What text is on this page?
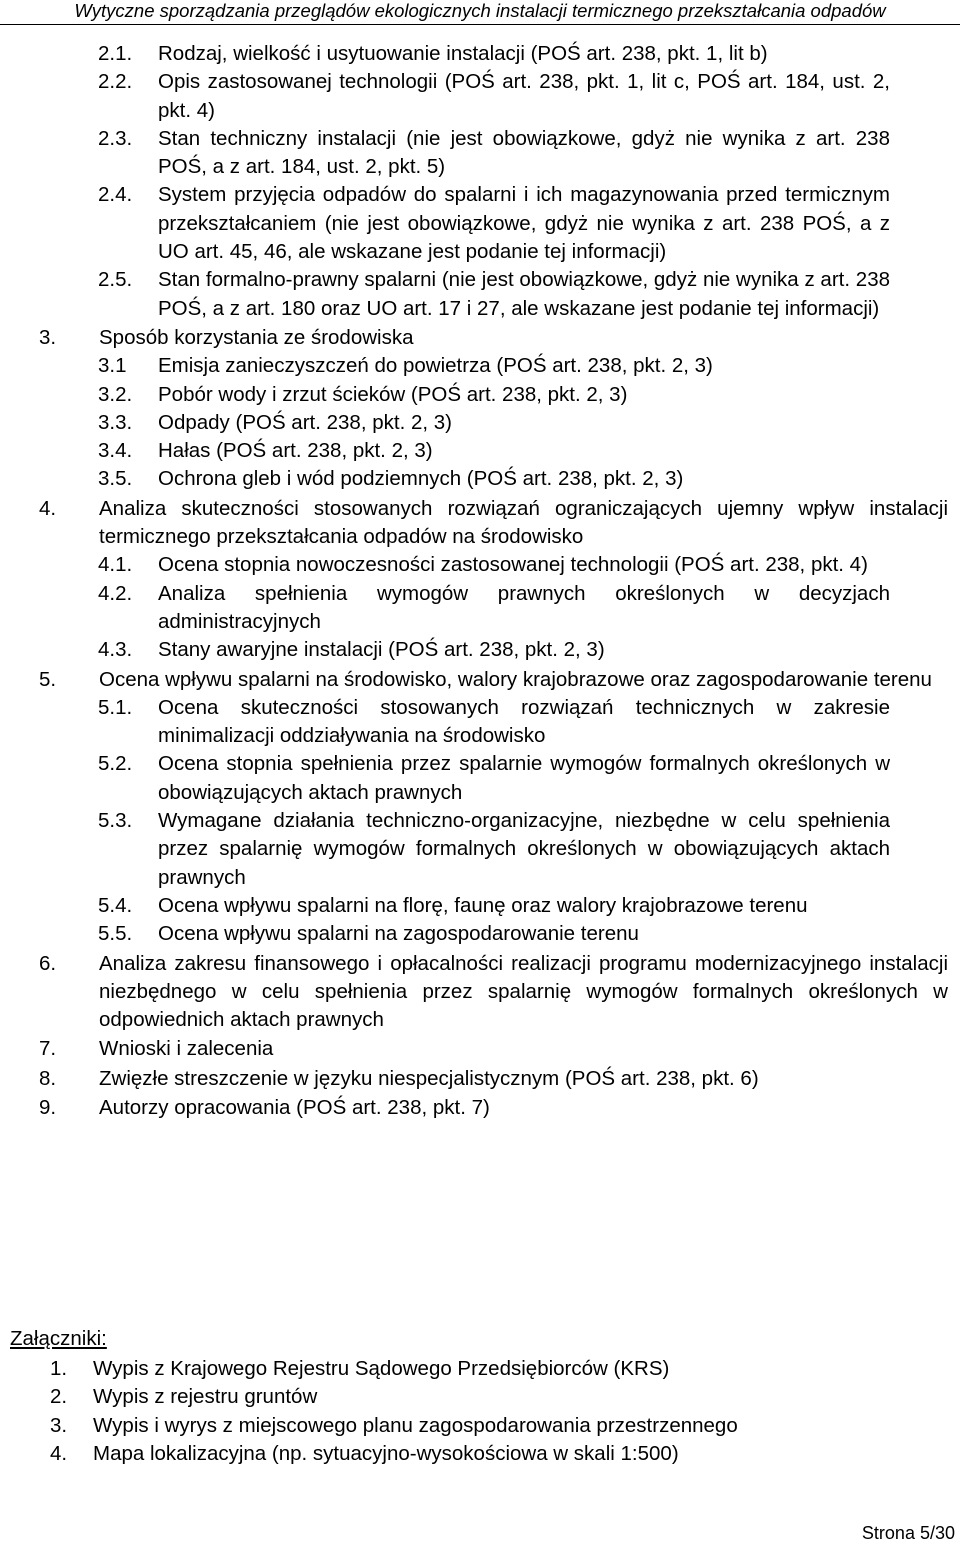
Wytyczne sporządzania przeglądów ekologicznych instalacji termicznego przekształcania odpadów
2.1.	Rodzaj, wielkość i usytuowanie instalacji (POŚ art. 238, pkt. 1, lit b)
2.2.	Opis zastosowanej technologii (POŚ art. 238, pkt. 1, lit c, POŚ art. 184, ust. 2, pkt. 4)
2.3.	Stan techniczny instalacji (nie jest obowiązkowe, gdyż nie wynika z art. 238 POŚ, a z art. 184, ust. 2, pkt. 5)
2.4.	System przyjęcia odpadów do spalarni i ich magazynowania przed termicznym przekształcaniem (nie jest obowiązkowe, gdyż nie wynika z art. 238 POŚ, a z UO art. 45, 46, ale wskazane jest podanie tej informacji)
2.5.	Stan formalno-prawny spalarni (nie jest obowiązkowe, gdyż nie wynika z art. 238 POŚ, a z art. 180 oraz UO art. 17 i 27, ale wskazane jest podanie tej informacji)
3.	Sposób korzystania ze środowiska
3.1	Emisja zanieczyszczeń do powietrza (POŚ art. 238, pkt. 2, 3)
3.2.	Pobór wody i zrzut ścieków (POŚ art. 238, pkt. 2, 3)
3.3.	Odpady (POŚ art. 238, pkt. 2, 3)
3.4.	Hałas (POŚ art. 238, pkt. 2, 3)
3.5.	Ochrona gleb i wód podziemnych (POŚ art. 238, pkt. 2, 3)
4.	Analiza skuteczności stosowanych rozwiązań ograniczających ujemny wpływ instalacji termicznego przekształcania odpadów na środowisko
4.1.	Ocena stopnia nowoczesności zastosowanej technologii (POŚ art. 238, pkt. 4)
4.2.	Analiza spełnienia wymogów prawnych określonych w decyzjach administracyjnych
4.3.	Stany awaryjne instalacji (POŚ art. 238, pkt. 2, 3)
5.	Ocena wpływu spalarni na środowisko, walory krajobrazowe oraz zagospodarowanie terenu
5.1.	Ocena skuteczności stosowanych rozwiązań technicznych w zakresie minimalizacji oddziaływania na środowisko
5.2.	Ocena stopnia spełnienia przez spalarnie wymogów formalnych określonych w obowiązujących aktach prawnych
5.3.	Wymagane działania techniczno-organizacyjne, niezbędne w celu spełnienia przez spalarnię wymogów formalnych określonych w obowiązujących aktach prawnych
5.4.	Ocena wpływu spalarni na florę, faunę oraz walory krajobrazowe terenu
5.5.	Ocena wpływu spalarni na zagospodarowanie terenu
6.	Analiza zakresu finansowego i opłacalności realizacji programu modernizacyjnego instalacji niezbędnego w celu spełnienia przez spalarnię wymogów formalnych określonych w odpowiednich aktach prawnych
7.	Wnioski i zalecenia
8.	Zwięzłe streszczenie w języku niespecjalistycznym (POŚ art. 238, pkt. 6)
9.	Autorzy opracowania (POŚ art. 238, pkt. 7)
Załączniki:
1.	Wypis z Krajowego Rejestru Sądowego Przedsiębiorców (KRS)
2.	Wypis z rejestru gruntów
3.	Wypis i wyrys z miejscowego planu zagospodarowania przestrzennego
4.	Mapa lokalizacyjna (np. sytuacyjno-wysokościowa w skali 1:500)
Strona 5/30
